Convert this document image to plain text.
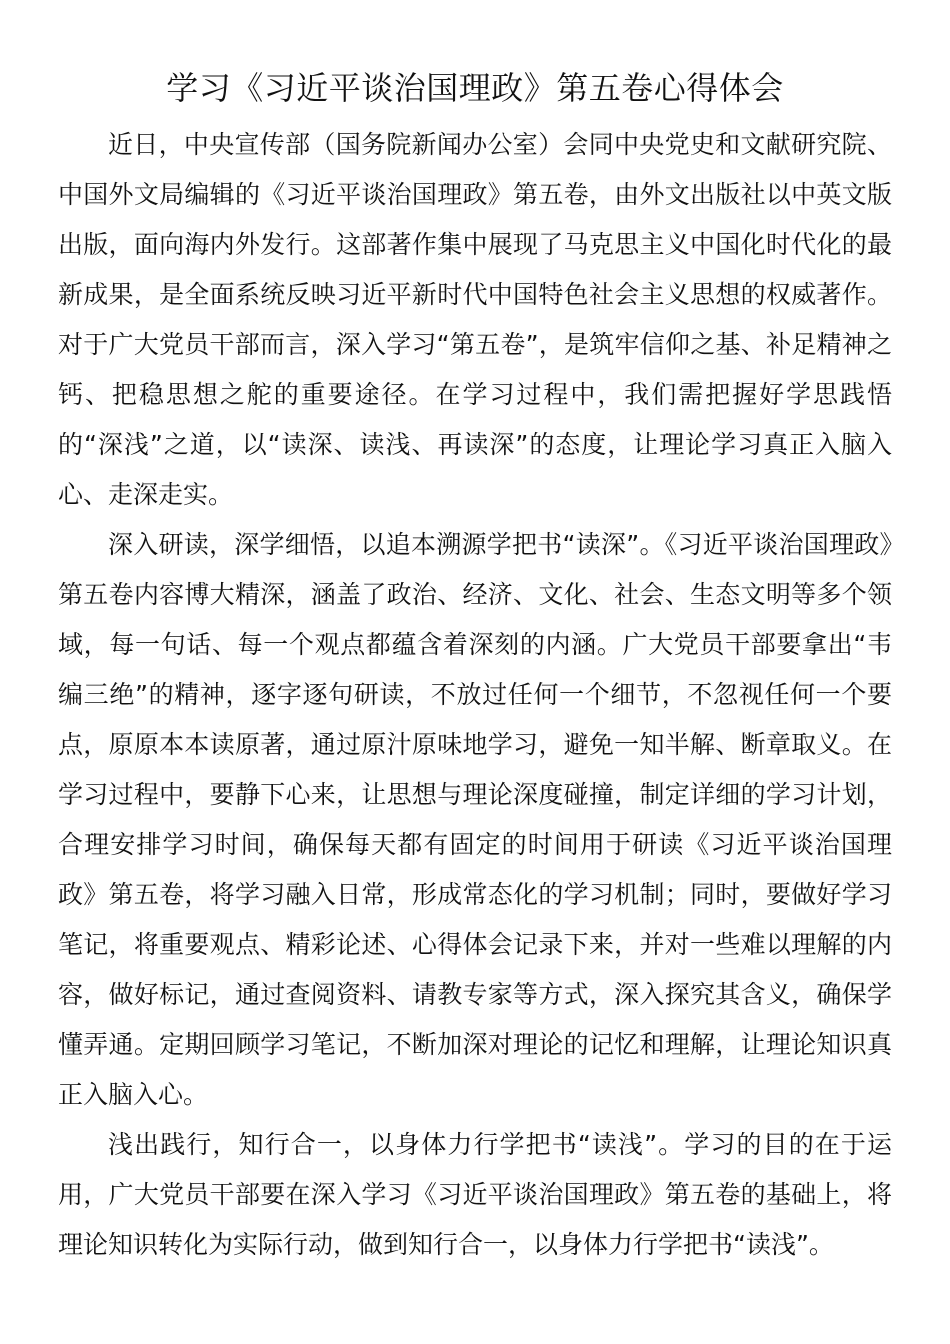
学习《习近平谈治国理政》第五卷心得体会

近日，中央宣传部（国务院新闻办公室）会同中央党史和文献研究院、中国外文局编辑的《习近平谈治国理政》第五卷，由外文出版社以中英文版出版，面向海内外发行。这部著作集中展现了马克思主义中国化时代化的最新成果，是全面系统反映习近平新时代中国特色社会主义思想的权威著作。对于广大党员干部而言，深入学习“第五卷”，是筑牢信仰之基、补足精神之钙、把稳思想之舵的重要途径。在学习过程中，我们需把握好学思践悟的“深浅”之道，以“读深、读浅、再读深”的态度，让理论学习真正入脑入心、走深走实。

深入研读，深学细悟，以追本溯源学把书“读深”。《习近平谈治国理政》第五卷内容博大精深，涵盖了政治、经济、文化、社会、生态文明等多个领域，每一句话、每一个观点都蕴含着深刻的内涵。广大党员干部要拿出“韦编三绝”的精神，逐字逐句研读，不放过任何一个细节，不忽视任何一个要点，原原本本读原著，通过原汁原味地学习，避免一知半解、断章取义。在学习过程中，要静下心来，让思想与理论深度碰撞，制定详细的学习计划，合理安排学习时间，确保每天都有固定的时间用于研读《习近平谈治国理政》第五卷，将学习融入日常，形成常态化的学习机制；同时，要做好学习笔记，将重要观点、精彩论述、心得体会记录下来，并对一些难以理解的内容，做好标记，通过查阅资料、请教专家等方式，深入探究其含义，确保学懂弄通。定期回顾学习笔记，不断加深对理论的记忆和理解，让理论知识真正入脑入心。

浅出践行，知行合一，以身体力行学把书“读浅”。学习的目的在于运用，广大党员干部要在深入学习《习近平谈治国理政》第五卷的基础上，将理论知识转化为实际行动，做到知行合一，以身体力行学把书“读浅”。
